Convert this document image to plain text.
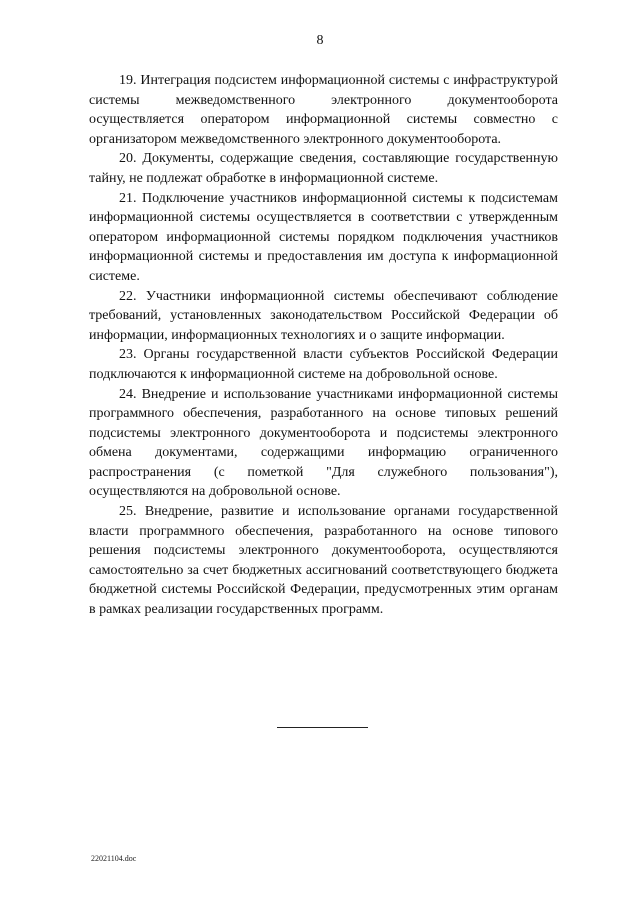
8

19. Интеграция подсистем информационной системы с инфраструктурой системы межведомственного электронного документооборота осуществляется оператором информационной системы совместно с организатором межведомственного электронного документооборота.

20. Документы, содержащие сведения, составляющие государственную тайну, не подлежат обработке в информационной системе.

21. Подключение участников информационной системы к подсистемам информационной системы осуществляется в соответствии с утвержденным оператором информационной системы порядком подключения участников информационной системы и предоставления им доступа к информационной системе.

22. Участники информационной системы обеспечивают соблюдение требований, установленных законодательством Российской Федерации об информации, информационных технологиях и о защите информации.

23. Органы государственной власти субъектов Российской Федерации подключаются к информационной системе на добровольной основе.

24. Внедрение и использование участниками информационной системы программного обеспечения, разработанного на основе типовых решений подсистемы электронного документооборота и подсистемы электронного обмена документами, содержащими информацию ограниченного распространения (с пометкой "Для служебного пользования"), осуществляются на добровольной основе.

25. Внедрение, развитие и использование органами государственной власти программного обеспечения, разработанного на основе типового решения подсистемы электронного документооборота, осуществляются самостоятельно за счет бюджетных ассигнований соответствующего бюджета бюджетной системы Российской Федерации, предусмотренных этим органам в рамках реализации государственных программ.

22021104.doc
